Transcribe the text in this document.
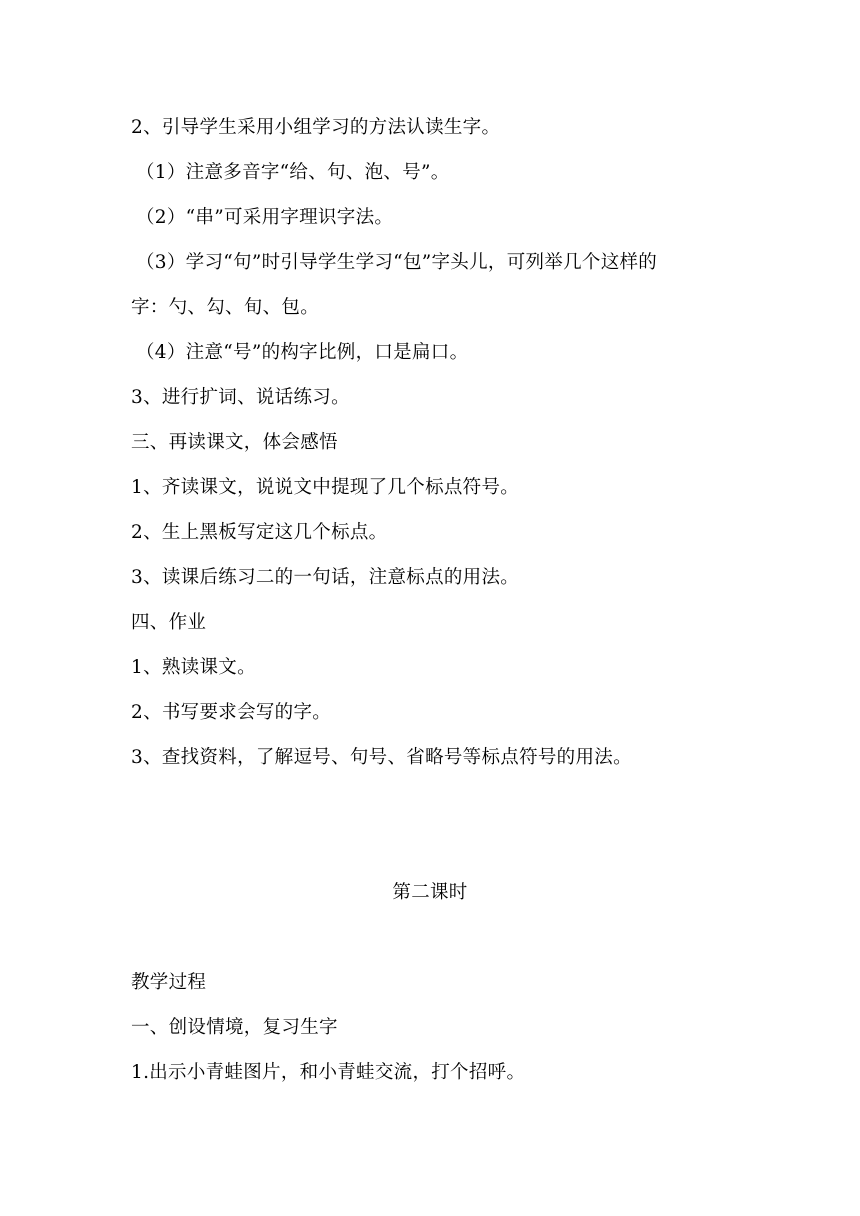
2、引导学生采用小组学习的方法认读生字。
（1）注意多音字“给、句、泡、号”。
（2）“串”可采用字理识字法。
（3）学习“句”时引导学生学习“包”字头儿，可列举几个这样的
字：勺、勾、旬、包。
（4）注意“号”的构字比例，口是扁口。
3、进行扩词、说话练习。
三、再读课文，体会感悟
1、齐读课文，说说文中提现了几个标点符号。
2、生上黑板写定这几个标点。
3、读课后练习二的一句话，注意标点的用法。
四、作业
1、熟读课文。
2、书写要求会写的字。
3、查找资料，了解逗号、句号、省略号等标点符号的用法。
第二课时
教学过程
一、创设情境，复习生字
1.出示小青蛙图片，和小青蛙交流，打个招呼。
